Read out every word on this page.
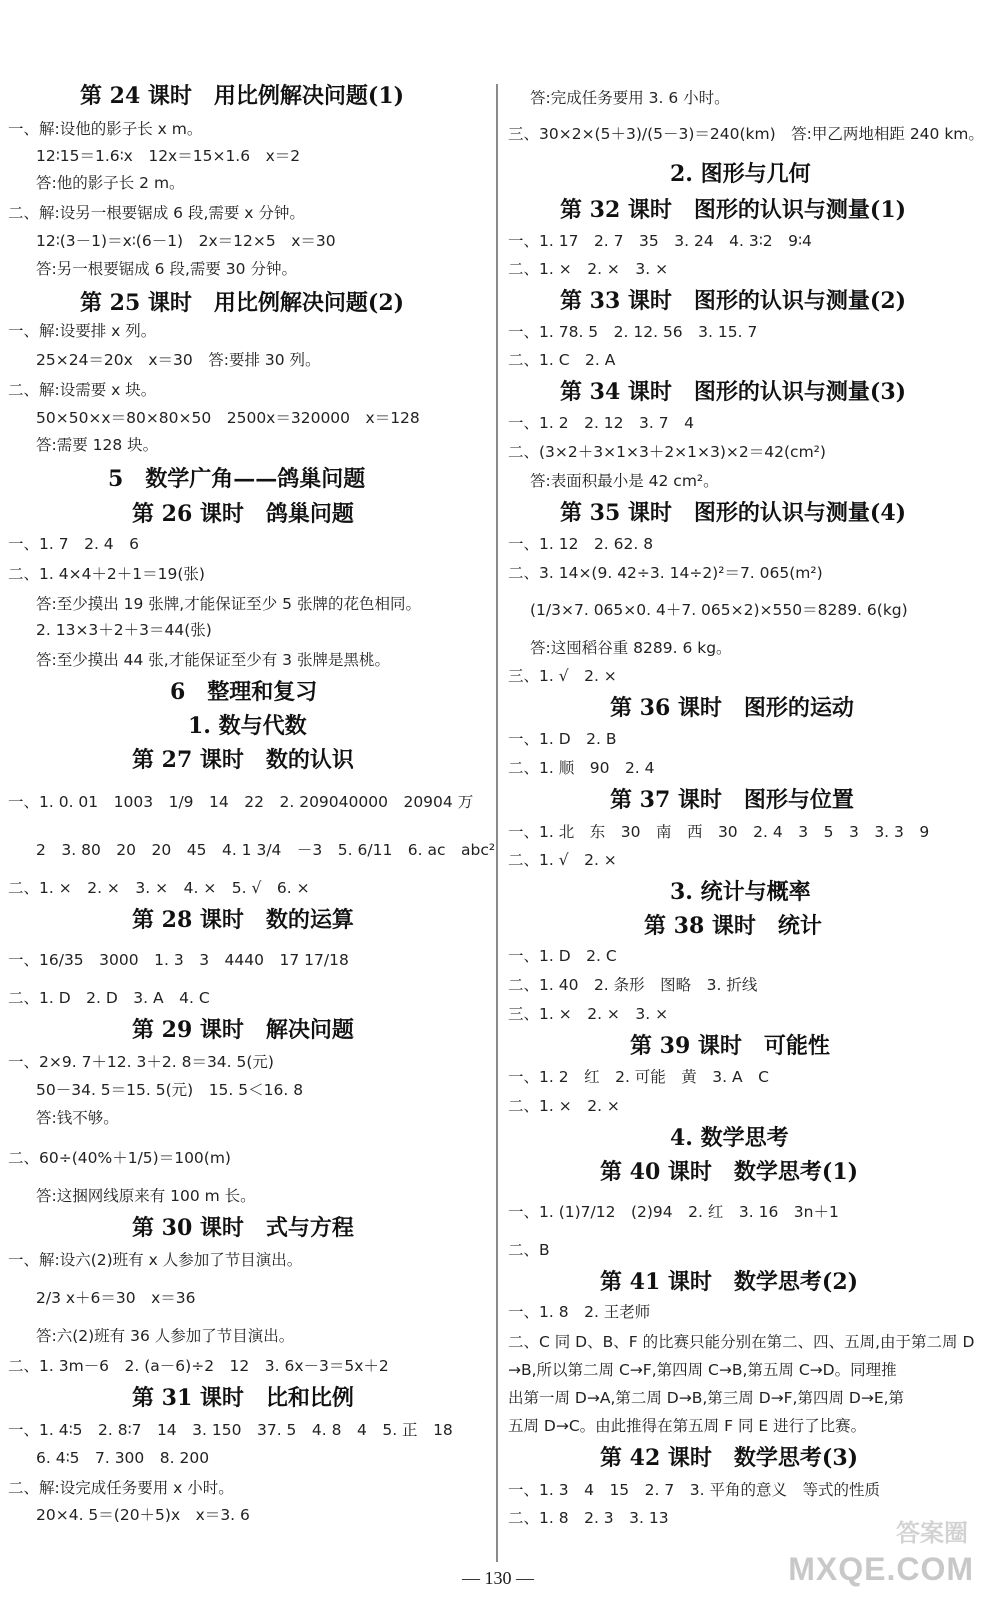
第 24 课时　用比例解决问题(1)
一、解:设他的影子长 x m。
12∶15＝1.6∶x　12x＝15×1.6　x＝2
答:他的影子长 2 m。
二、解:设另一根要锯成 6 段,需要 x 分钟。
12∶(3－1)＝x∶(6－1)　2x＝12×5　x＝30
答:另一根要锯成 6 段,需要 30 分钟。
第 25 课时　用比例解决问题(2)
一、解:设要排 x 列。
25×24＝20x　x＝30　答:要排 30 列。
二、解:设需要 x 块。
50×50×x＝80×80×50　2500x＝320000　x＝128
答:需要 128 块。
5　数学广角——鸽巢问题
第 26 课时　鸽巢问题
一、1. 7　2. 4　6
二、1. 4×4＋2＋1＝19(张)
答:至少摸出 19 张牌,才能保证至少 5 张牌的花色相同。
2. 13×3＋2＋3＝44(张)
答:至少摸出 44 张,才能保证至少有 3 张牌是黑桃。
6　整理和复习
1. 数与代数
第 27 课时　数的认识
一、1. 0. 01　1003　1/9　14　22　2. 209040000　20904 万
2　3. 80　20　20　45　4. 1 3/4　－3　5. 6/11　6. ac　abc²
二、1. ×　2. ×　3. ×　4. ×　5. √　6. ×
第 28 课时　数的运算
一、16/35　3000　1. 3　3　4440　17 17/18
二、1. D　2. D　3. A　4. C
第 29 课时　解决问题
一、2×9. 7＋12. 3＋2. 8＝34. 5(元)
50－34. 5＝15. 5(元)　15. 5＜16. 8
答:钱不够。
二、60÷(40%＋1/5)＝100(m)
答:这捆网线原来有 100 m 长。
第 30 课时　式与方程
一、解:设六(2)班有 x 人参加了节目演出。
2/3 x＋6＝30　x＝36
答:六(2)班有 36 人参加了节目演出。
二、1. 3m－6　2. (a－6)÷2　12　3. 6x－3＝5x＋2
第 31 课时　比和比例
一、1. 4∶5　2. 8∶7　14　3. 150　37. 5　4. 8　4　5. 正　18
6. 4∶5　7. 300　8. 200
二、解:设完成任务要用 x 小时。
20×4. 5＝(20＋5)x　x＝3. 6
答:完成任务要用 3. 6 小时。
三、30×2×(5＋3)/(5－3)＝240(km)　答:甲乙两地相距 240 km。
2. 图形与几何
第 32 课时　图形的认识与测量(1)
一、1. 17　2. 7　35　3. 24　4. 3∶2　9∶4
二、1. ×　2. ×　3. ×
第 33 课时　图形的认识与测量(2)
一、1. 78. 5　2. 12. 56　3. 15. 7
二、1. C　2. A
第 34 课时　图形的认识与测量(3)
一、1. 2　2. 12　3. 7　4
二、(3×2＋3×1×3＋2×1×3)×2＝42(cm²)
答:表面积最小是 42 cm²。
第 35 课时　图形的认识与测量(4)
一、1. 12　2. 62. 8
二、3. 14×(9. 42÷3. 14÷2)²＝7. 065(m²)
(1/3×7. 065×0. 4＋7. 065×2)×550＝8289. 6(kg)
答:这囤稻谷重 8289. 6 kg。
三、1. √　2. ×
第 36 课时　图形的运动
一、1. D　2. B
二、1. 顺　90　2. 4
第 37 课时　图形与位置
一、1. 北　东　30　南　西　30　2. 4　3　5　3　3. 3　9
二、1. √　2. ×
3. 统计与概率
第 38 课时　统计
一、1. D　2. C
二、1. 40　2. 条形　图略　3. 折线
三、1. ×　2. ×　3. ×
第 39 课时　可能性
一、1. 2　红　2. 可能　黄　3. A　C
二、1. ×　2. ×
4. 数学思考
第 40 课时　数学思考(1)
一、1. (1)7/12　(2)94　2. 红　3. 16　3n＋1
二、B
第 41 课时　数学思考(2)
一、1. 8　2. 王老师
二、C 同 D、B、F 的比赛只能分别在第二、四、五周,由于第二周 D
→B,所以第二周 C→F,第四周 C→B,第五周 C→D。同理推
出第一周 D→A,第二周 D→B,第三周 D→F,第四周 D→E,第
五周 D→C。由此推得在第五周 F 同 E 进行了比赛。
第 42 课时　数学思考(3)
一、1. 3　4　15　2. 7　3. 平角的意义　等式的性质
二、1. 8　2. 3　3. 13
— 130 —
答案圈
MXQE.COM
